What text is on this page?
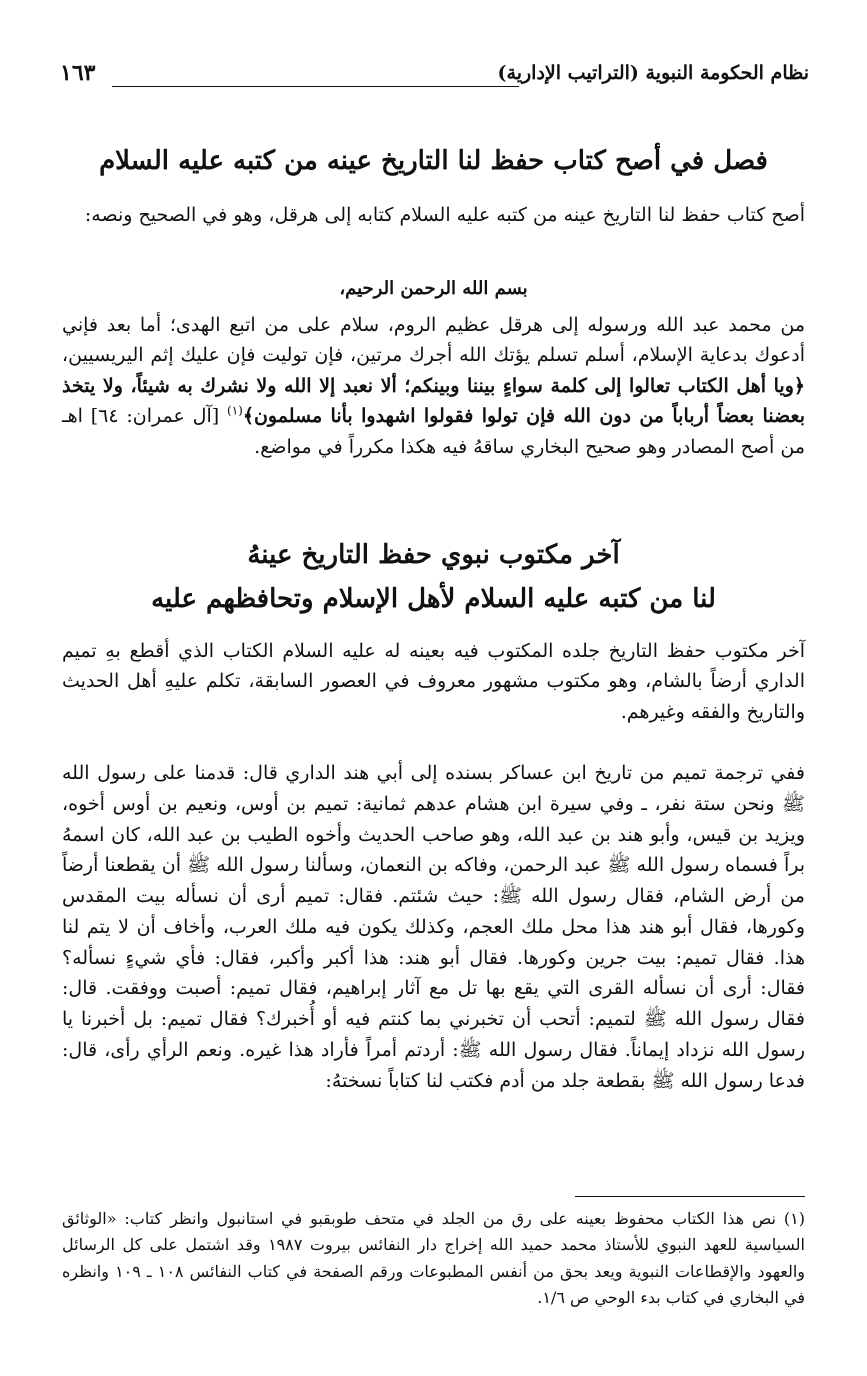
نظام الحكومة النبوية (التراتيب الإدارية)
١٦٣
فصل في أصح كتاب حفظ لنا التاريخ عينه من كتبه عليه السلام
أصح كتاب حفظ لنا التاريخ عينه من كتبه عليه السلام كتابه إلى هرقل، وهو في الصحيح ونصه:
بسم الله الرحمن الرحيم،
من محمد عبد الله ورسوله إلى هرقل عظيم الروم، سلام على من اتبع الهدى؛ أما بعد فإني أدعوك بدعاية الإسلام، أسلم تسلم يؤتك الله أجرك مرتين، فإن توليت فإن عليك إثم اليريسيين، ﴿ويا أهل الكتاب تعالوا إلى كلمة سواءٍ بيننا وبينكم؛ ألا نعبد إلا الله ولا نشرك به شيئاً، ولا يتخذ بعضنا بعضاً أرباباً من دون الله فإن تولوا فقولوا اشهدوا بأنا مسلمون﴾$^{(١)}$ [آل عمران: ٦٤] اهـ من أصح المصادر وهو صحيح البخاري ساقهُ فيه هكذا مكرراً في مواضع.
آخر مكتوب نبوي حفظ التاريخ عينهُ
لنا من كتبه عليه السلام لأهل الإسلام وتحافظهم عليه
آخر مكتوب حفظ التاريخ جلده المكتوب فيه بعينه له عليه السلام الكتاب الذي أقطع بهِ تميم الداري أرضاً بالشام، وهو مكتوب مشهور معروف في العصور السابقة، تكلم عليهِ أهل الحديث والتاريخ والفقه وغيرهم.
ففي ترجمة تميم من تاريخ ابن عساكر بسنده إلى أبي هند الداري قال: قدمنا على رسول الله ﷺ ونحن ستة نفر، ـ وفي سيرة ابن هشام عدهم ثمانية: تميم بن أوس، ونعيم بن أوس أخوه، ويزيد بن قيس، وأبو هند بن عبد الله، وهو صاحب الحديث وأخوه الطيب بن عبد الله، كان اسمهُ براً فسماه رسول الله ﷺ عبد الرحمن، وفاكه بن النعمان، وسألنا رسول الله ﷺ أن يقطعنا أرضاً من أرض الشام، فقال رسول الله ﷺ: حيث شئتم. فقال: تميم أرى أن نسأله بيت المقدس وكورها، فقال أبو هند هذا محل ملك العجم، وكذلك يكون فيه ملك العرب، وأخاف أن لا يتم لنا هذا. فقال تميم: بيت جرين وكورها. فقال أبو هند: هذا أكبر وأكبر، فقال: فأي شيءٍ نسأله؟ فقال: أرى أن نسأله القرى التي يقع بها تل مع آثار إبراهيم، فقال تميم: أصبت ووفقت. قال: فقال رسول الله ﷺ لتميم: أتحب أن تخبرني بما كنتم فيه أو أُخبرك؟ فقال تميم: بل أخبرنا يا رسول الله نزداد إيماناً. فقال رسول الله ﷺ: أردتم أمراً فأراد هذا غيره. ونعم الرأي رأى، قال: فدعا رسول الله ﷺ بقطعة جلد من أدم فكتب لنا كتاباً نسختهُ:
(١) نص هذا الكتاب محفوظ بعينه على رق من الجلد في متحف طوبقبو في استانبول وانظر كتاب: «الوثائق السياسية للعهد النبوي للأستاذ محمد حميد الله إخراج دار النفائس بيروت ١٩٨٧ وقد اشتمل على كل الرسائل والعهود والإقطاعات النبوية ويعد بحق من أنفس المطبوعات ورقم الصفحة في كتاب النفائس ١٠٨ ـ ١٠٩ وانظره في البخاري في كتاب بدء الوحي ص ١/٦.
